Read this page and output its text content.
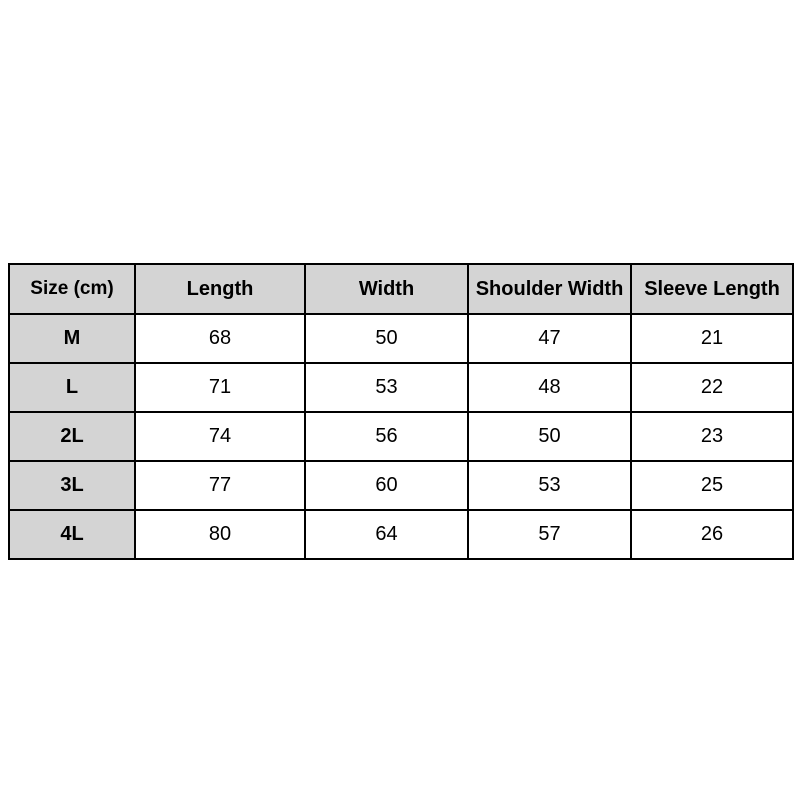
Size (cm)	Length	Width	Shoulder Width	Sleeve Length
M	68	50	47	21
L	71	53	48	22
2L	74	56	50	23
3L	77	60	53	25
4L	80	64	57	26
